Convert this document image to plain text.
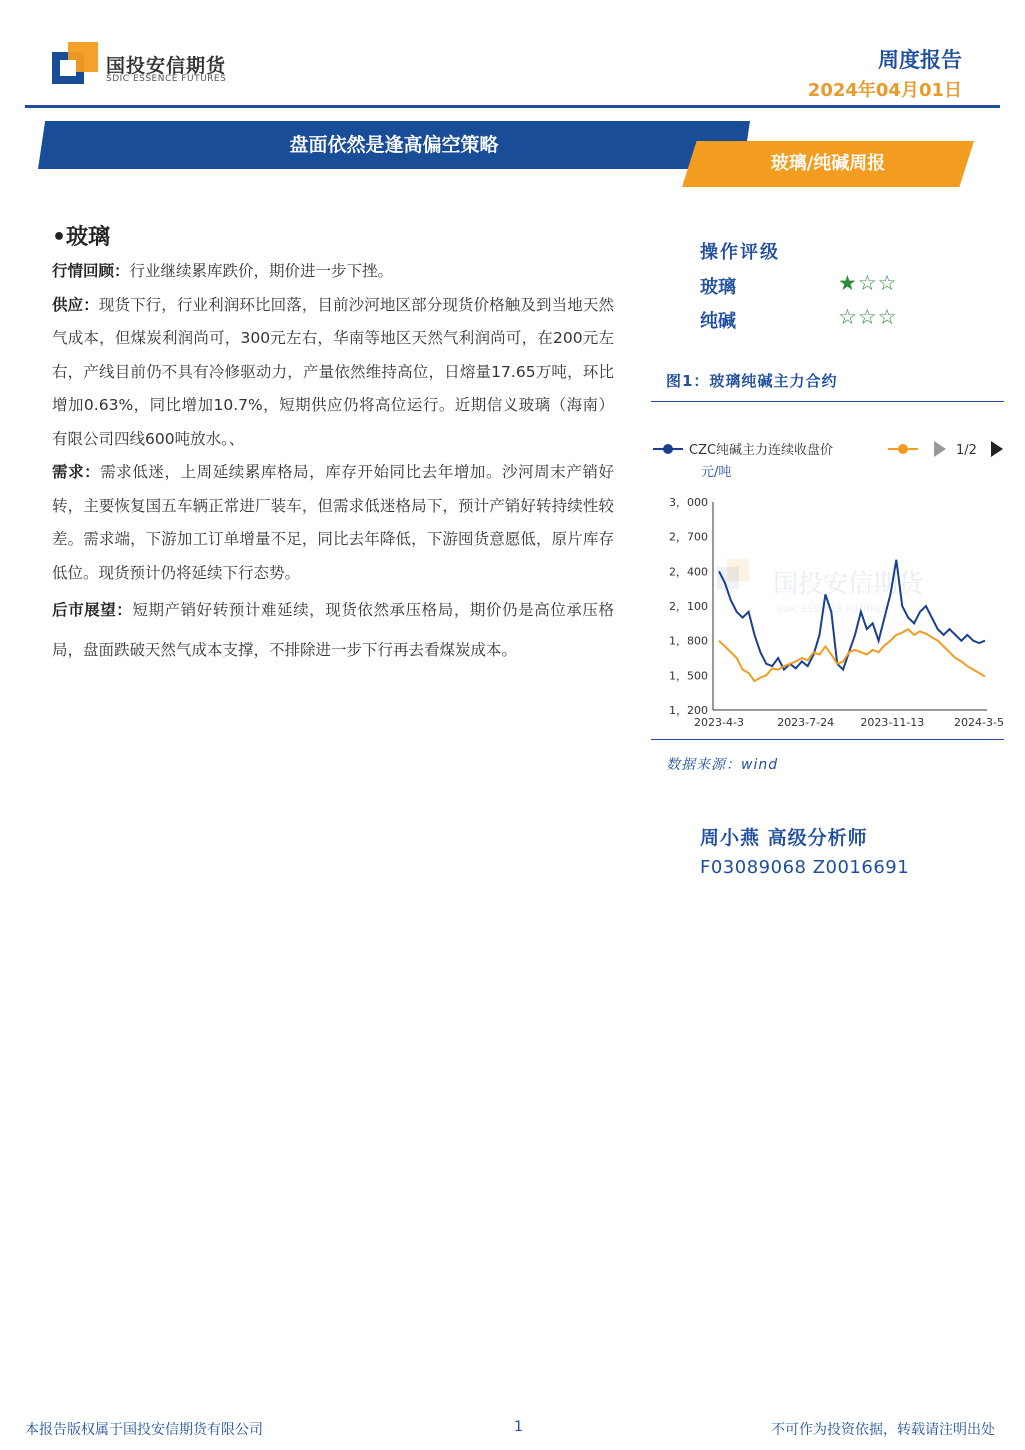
国投安信期货
SDIC ESSENCE FUTURES
周度报告
2024年04月01日
盘面依然是逢高偏空策略
玻璃/纯碱周报
•玻璃

行情回顾：行业继续累库跌价，期价进一步下挫。

供应：现货下行，行业利润环比回落，目前沙河地区部分现货价格触及到当地天然气成本，但煤炭利润尚可，300元左右，华南等地区天然气利润尚可，在200元左右，产线目前仍不具有冷修驱动力，产量依然维持高位，日熔量17.65万吨，环比增加0.63%，同比增加10.7%，短期供应仍将高位运行。近期信义玻璃（海南）有限公司四线600吨放水。、

需求：需求低迷，上周延续累库格局，库存开始同比去年增加。沙河周末产销好转，主要恢复国五车辆正常进厂装车，但需求低迷格局下，预计产销好转持续性较差。需求端，下游加工订单增量不足，同比去年降低，下游囤货意愿低，原片库存低位。现货预计仍将延续下行态势。

后市展望：短期产销好转预计难延续，现货依然承压格局，期价仍是高位承压格局，盘面跌破天然气成本支撑，不排除进一步下行再去看煤炭成本。

操作评级
玻璃	★☆☆
纯碱	☆☆☆
图1：玻璃纯碱主力合约
CZC纯碱主力连续收盘价	1/2
元/吨
国投安信期货
SDIC ESSENCE FUTURES
1，200
1，500
1，800
2，100
2，400
2，700
3，000
2023-4-3	2023-7-24 2023-11-13	2024-3-5
数据来源：wind
周小燕 高级分析师
F03089068 Z0016691
本报告版权属于国投安信期货有限公司	1	不可作为投资依据，转载请注明出处
